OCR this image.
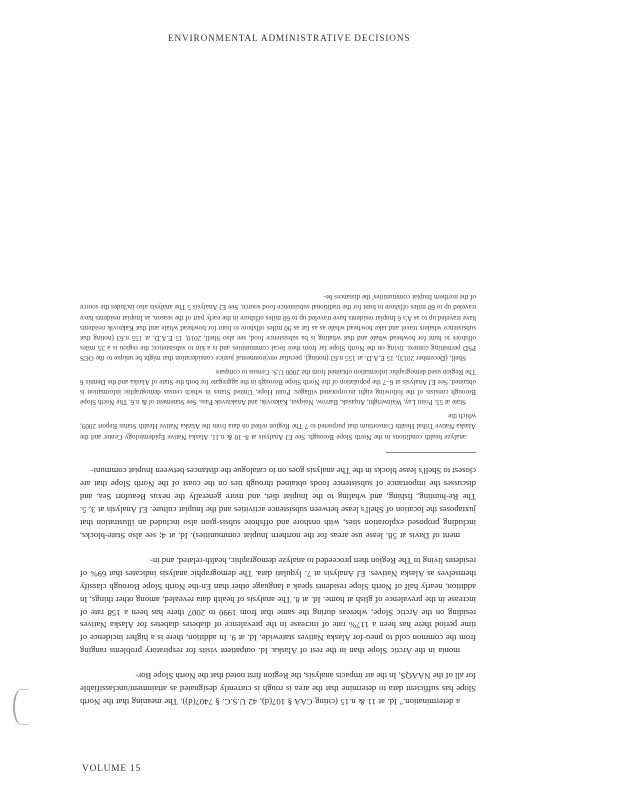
ENVIRONMENTAL ADMINISTRATIVE DECISIONS

a determination." Id. at 11 & n.15 (citing CAA § 107(d), 42 U.S.C. § 7407(d)). The meaning that the North Slope has sufficient data to determine that the area is rough is currently designated as attainment/unclassifiable for all of the NAAQS, In the air impacts analysis, the Region first noted that the North Slope Bor-

monia in the Arctic Slope than in the rest of Alaska. Id. outpatient visits for respiratory problems ranging from the common cold to pneu-for Alaska Natives statewide. Id. at 9. In addition, there is a higher incidence of time period there has been a 117% rate of increase in the prevalence of diabetes diabetes for Alaska Natives residing on the Arctic Slope, whereas during the same that from 1990 to 2007 there has been a 158 rate of increase in the prevalence of glish at home. Id. at 8. The analysis of health data revealed, among other things, In addition, nearly half of North Slope residents speak a language other than En-the North Slope Borough classify themselves as Alaska Natives. EJ Analysis at 7. lyqulati data. The demographic analysis indicates that 69% of residents living in The Region then proceeded to analyze demographic, health-related, and in-

ment of Davis at 58. lease use areas for the northern Inupiat communities). Id. at 4; see also State-blocks, including proposed exploration sites, with onshore and offshore subsis-gion also included an illustration that juxtaposes the location of Shell's lease between subsistence activities and the Inupiat culture. EJ Analysis at 3, 5. The Re-hunting, fishing, and whaling to the Inupiat diet, and more generally the nexus Beaufort Sea, and discusses the importance of subsistence foods obtained through ties on the coast of the North Slope that are closest to Shell's lease blocks in the The analysis goes on to catalogue the distances between Inupiat communi-

analyze health conditions in the North Slope Borough. See EJ Analysis at 8–10 & n.11. Alaska Native Epidemiology Center and the Alaska Native Tribal Health Consortium that purported to 7 The Region relied on data from the Alaska Native Health Status Report 2009, which the

State at 55. Point Lay, Wainwright, Atqasuk, Barrow, Nuiqsut, Kaktovik, and Anaktuvuk Pass. See Statement of & n.6. The North Slope Borough consists of the following eight incorporated villages: Point Hope, United States in which census demographic information is obtained. See EJ Analysis at 6–7 the population of the North Slope Borough in the aggregate for both the State of Alaska and the Dennis 6 The Region used demographic information obtained from the 2000 U.S. Census to compare

Shell, (December 2013), 15 E.A.D. at 155 n.63 (noting). peculiar environmental justice consideration that might be unique to the OCS PSD permitting context. living on the North Slope far from their local communities and is a kin to subsistence; the region is a 35 miles offshore to hunt for bowhead whale and that whaling is ba subsistence food, see also Shell, 2010, 15 E.A.D. at 155 n.63 (noting that subsistence whalers travel and take bowhead whale as as far as 90 miles offshore to hunt for bowhead whale and that Kaktovik residents have traveled up to as A's 6 Inupiat residents have traveled up to 60 miles offshore in the early part of the season, as Inupiat residents have traveled up to 60 miles offshore to hunt for the traditional subsistence food source. See EJ Analysis 5 The analysis also includes the source of the northern Inupiat communities' the distances be-

VOLUME 15
